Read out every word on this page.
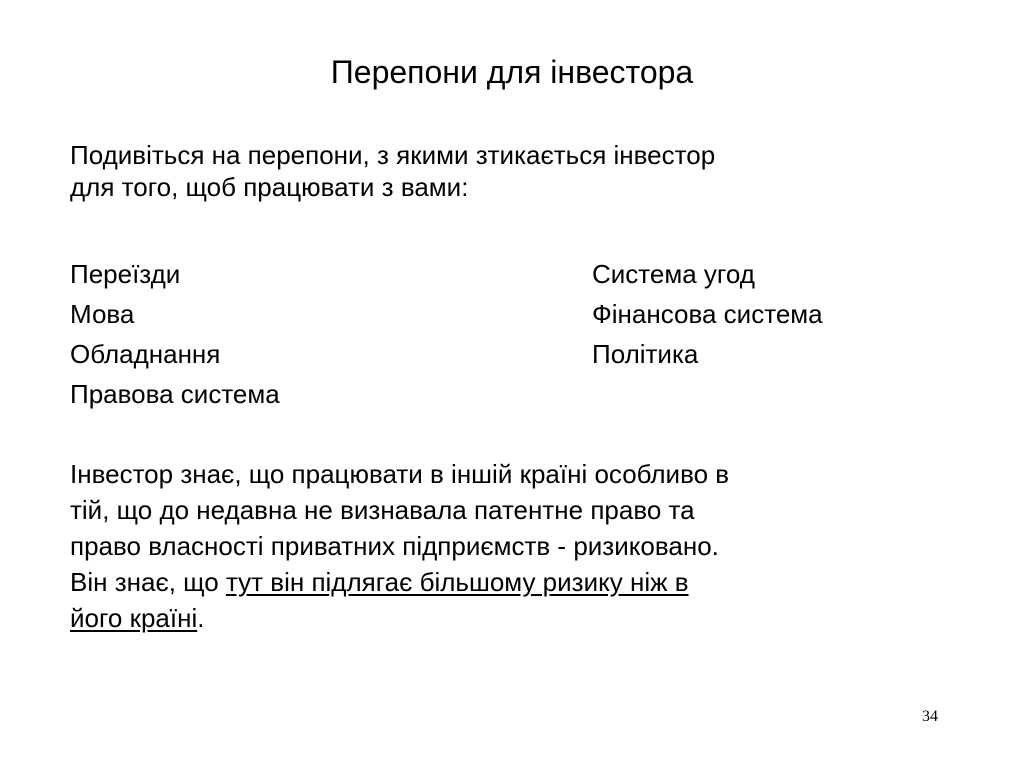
Перепони для інвестора
Подивіться на перепони, з якими зтикається інвестор
для того, щоб працювати з вами:
Переїзди
Мова
Обладнання
Правова система
Система угод
Фінансова система
Політика
Інвестор знає, що працювати в іншій країні особливо в
тій, що до недавна не визнавала патентне право та
право власності приватних підприємств - ризиковано.
Він знає, що тут він підлягає більшому ризику ніж в
його країні.
34
